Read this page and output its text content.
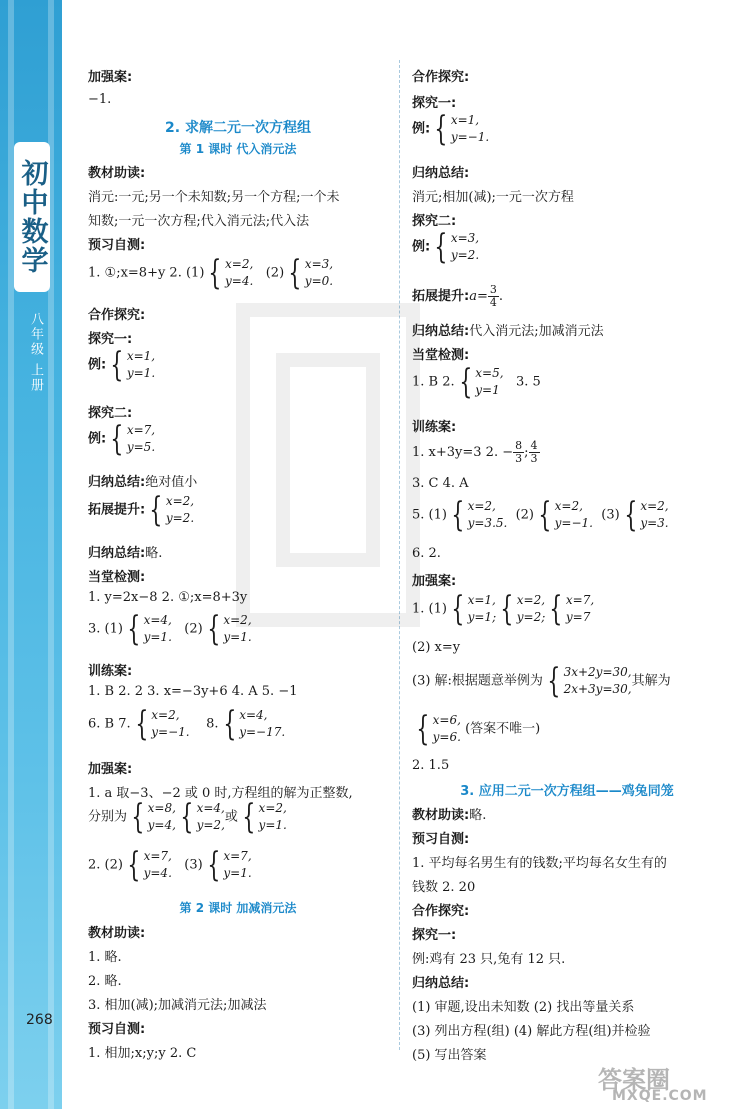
初中数学
八年级 上册
268
加强案:
−1.
2. 求解二元一次方程组
第 1 课时 代入消元法
教材助读:
消元:一元;另一个未知数;另一个方程;一个未
知数;一元一次方程;代入消元法;代入法
预习自测:
1. ①;x=8+y 2. (1) { x=2,
y=4.
(2) { x=3,
y=0.
合作探究:
探究一:
例: { x=1,
y=1.
探究二:
例: { x=7,
y=5.
归纳总结:绝对值小
拓展提升: { x=2,
y=2.
归纳总结:略.
当堂检测:
1. y=2x−8 2. ①;x=8+3y
3. (1) { x=4,
y=1.
(2) { x=2,
y=1.
训练案:
1. B 2. 2 3. x=−3y+6 4. A 5. −1
6. B 7. { x=2,
y=−1.
8. { x=4,
y=−17.
加强案:
1. a 取−3、−2 或 0 时,方程组的解为正整数,
分别为 { x=8,
y=4, { x=4,
y=2,
或 { x=2,
y=1.
2. (2) { x=7,
y=4.
(3) { x=7,
y=1.
第 2 课时 加减消元法
教材助读:
1. 略.
2. 略.
3. 相加(减);加减消元法;加减法
预习自测:
1. 相加;x;y;y 2. C
合作探究:
探究一:
例: { x=1,
y=−1.
归纳总结:
消元;相加(减);一元一次方程
探究二:
例: { x=3,
y=2.
拓展提升:a= $\frac{3}{4}$ .
归纳总结:代入消元法;加减消元法
当堂检测:
1. B 2. { x=5,
y=1
3. 5
训练案:
1. x+3y=3 2. − $\frac{8}{3}$ ; $\frac{4}{3}$
3. C 4. A
5. (1) { x=2,
y=3.5.
(2) { x=2,
y=−1.
(3) { x=2,
y=3.
6. 2.
加强案:
1. (1) { x=1,
y=1; { x=2,
y=2; { x=7,
y=7
(2) x=y
(3) 解:根据题意举例为 { 3x+2y=30,
2x+3y=30,
其解为
{ x=6,
y=6.
(答案不唯一)
2. 1.5
3. 应用二元一次方程组——鸡兔同笼
教材助读:略.
预习自测:
1. 平均每名男生有的钱数;平均每名女生有的
钱数 2. 20
合作探究:
探究一:
例:鸡有 23 只,兔有 12 只.
归纳总结:
(1) 审题,设出未知数 (2) 找出等量关系
(3) 列出方程(组) (4) 解此方程(组)并检验
(5) 写出答案
答案圈
MXQE.COM
